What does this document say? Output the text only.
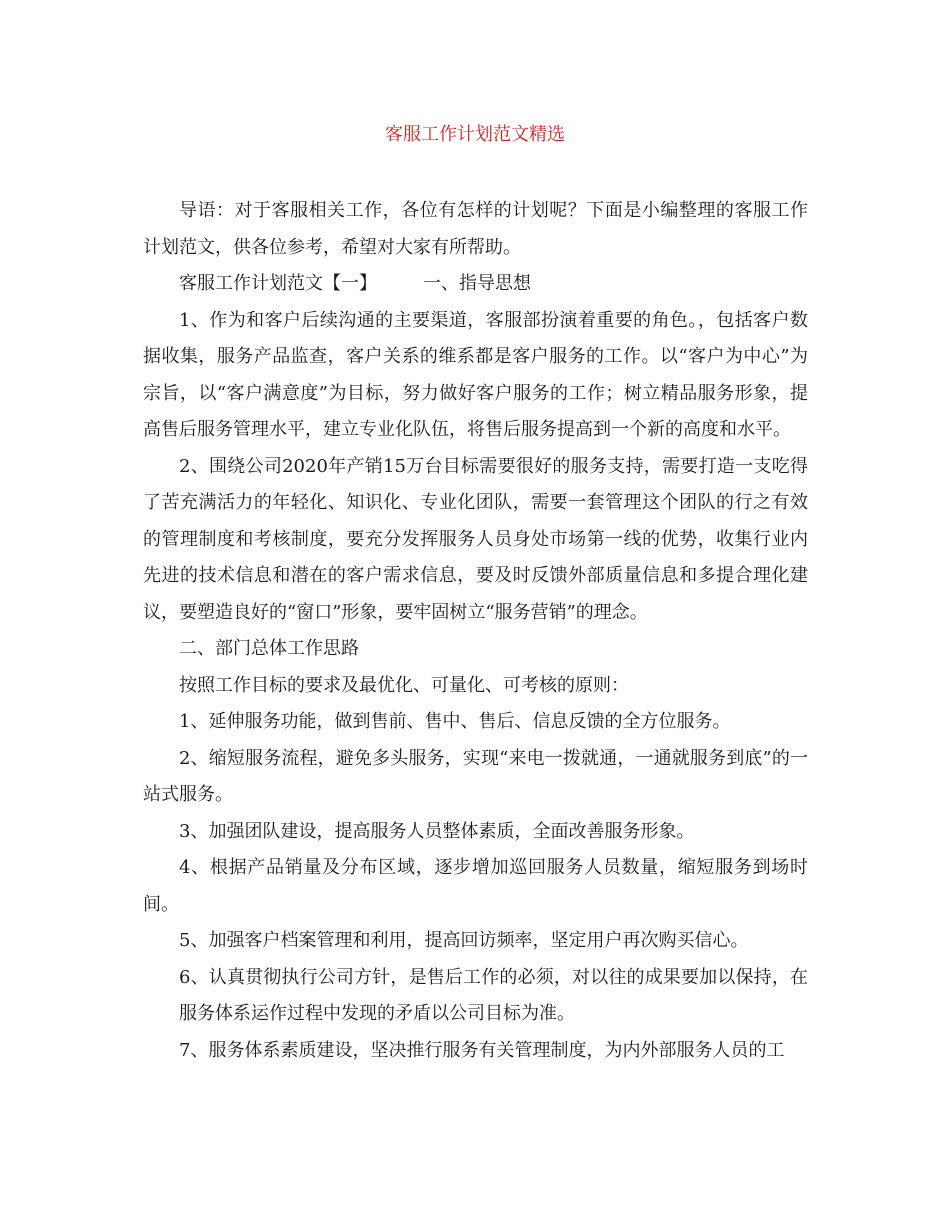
客服工作计划范文精选

导语：对于客服相关工作，各位有怎样的计划呢？下面是小编整理的客服工作计划范文，供各位参考，希望对大家有所帮助。

客服工作计划范文【一】	一、指导思想

1、作为和客户后续沟通的主要渠道，客服部扮演着重要的角色。，包括客户数据收集，服务产品监查，客户关系的维系都是客户服务的工作。以“客户为中心”为宗旨，以“客户满意度”为目标，努力做好客户服务的工作；树立精品服务形象，提高售后服务管理水平，建立专业化队伍，将售后服务提高到一个新的高度和水平。

2、围绕公司2020年产销15万台目标需要很好的服务支持，需要打造一支吃得了苦充满活力的年轻化、知识化、专业化团队，需要一套管理这个团队的行之有效的管理制度和考核制度，要充分发挥服务人员身处市场第一线的优势，收集行业内先进的技术信息和潜在的客户需求信息，要及时反馈外部质量信息和多提合理化建议，要塑造良好的“窗口”形象，要牢固树立“服务营销”的理念。

二、部门总体工作思路

按照工作目标的要求及最优化、可量化、可考核的原则：

1、延伸服务功能，做到售前、售中、售后、信息反馈的全方位服务。

2、缩短服务流程，避免多头服务，实现“来电一拨就通，一通就服务到底”的一站式服务。

3、加强团队建设，提高服务人员整体素质，全面改善服务形象。

4、根据产品销量及分布区域，逐步增加巡回服务人员数量，缩短服务到场时间。

5、加强客户档案管理和利用，提高回访频率，坚定用户再次购买信心。

6、认真贯彻执行公司方针，是售后工作的必须，对以往的成果要加以保持，在服务体系运作过程中发现的矛盾以公司目标为准。

7、服务体系素质建设，坚决推行服务有关管理制度，为内外部服务人员的工
